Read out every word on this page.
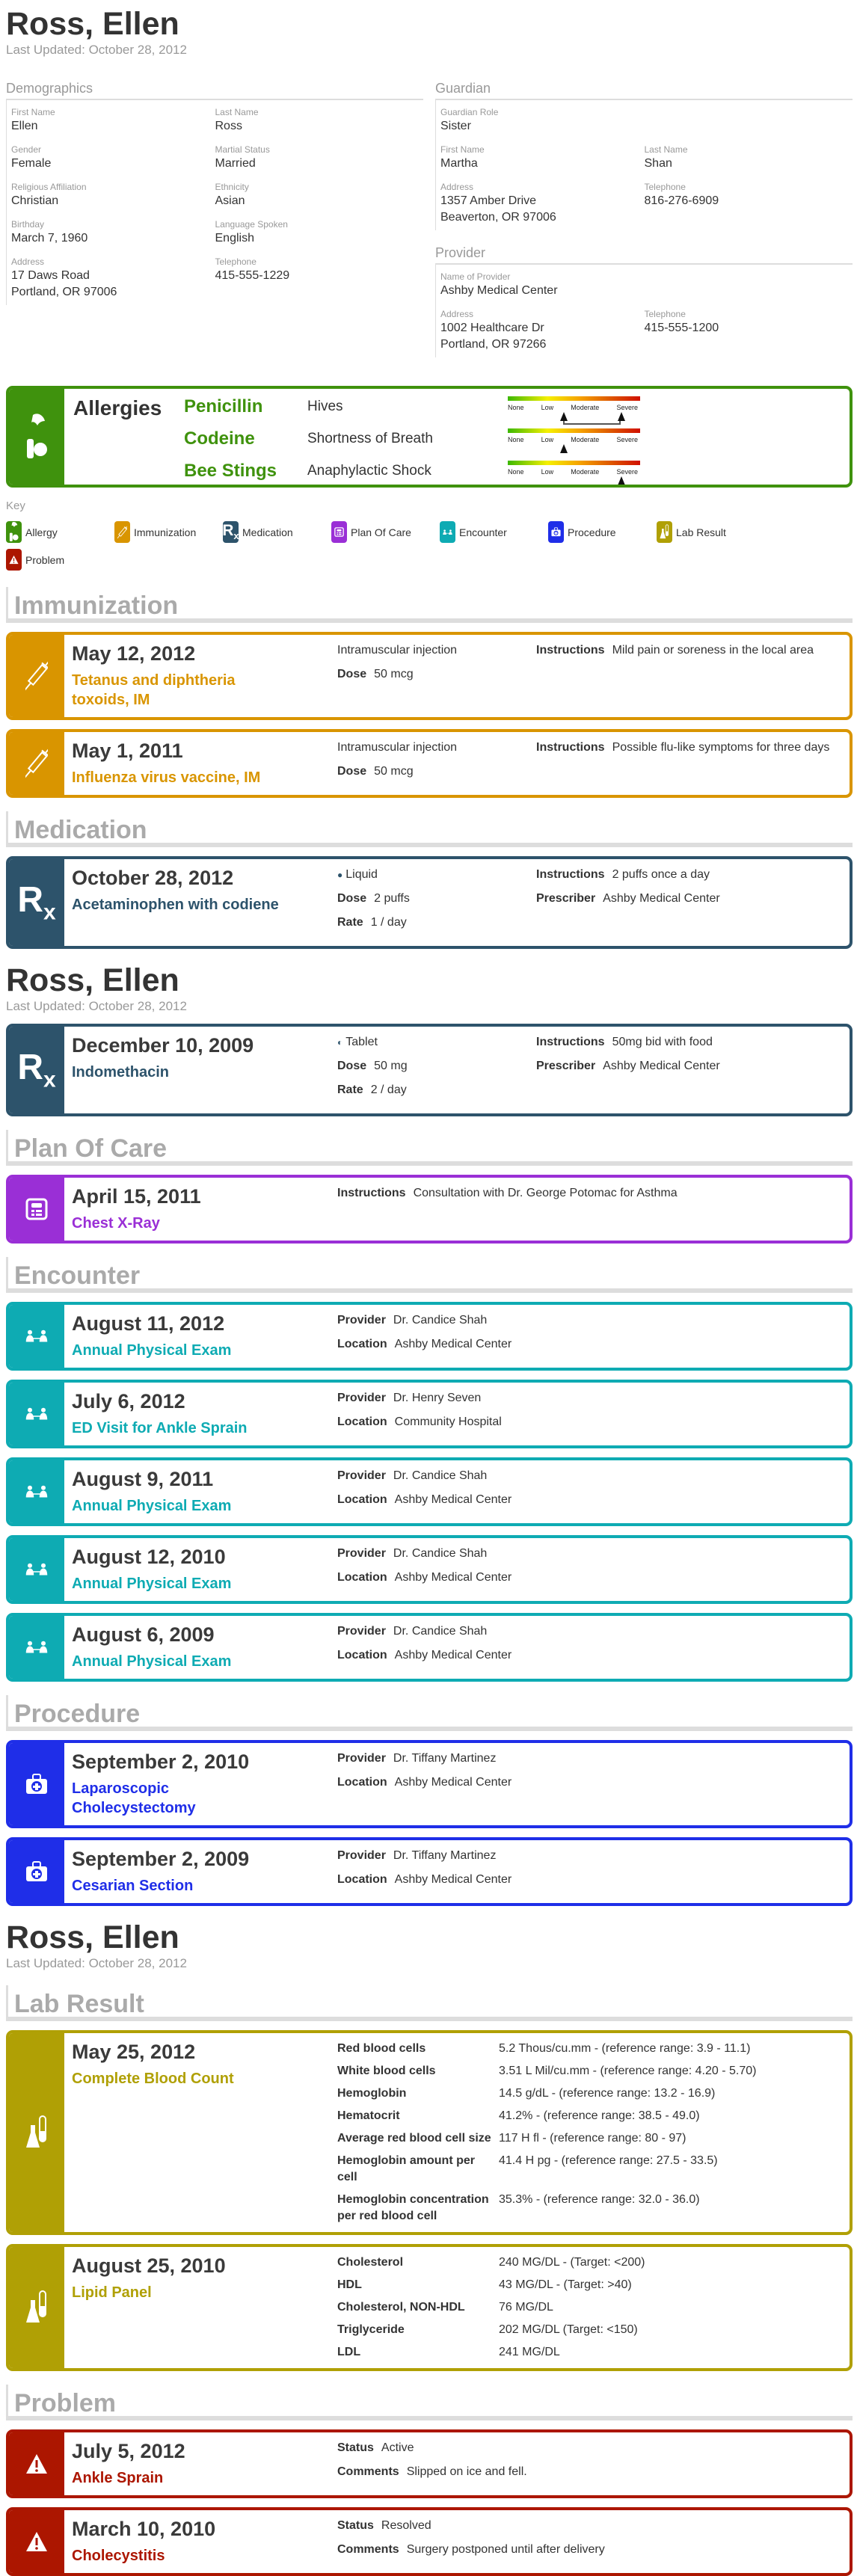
Ross, Ellen
Last Updated: October 28, 2012
Demographics
First Name
Ellen
Last Name
Ross
Gender
Female
Martial Status
Married
Religious Affiliation
Christian
Ethnicity
Asian
Birthday
March 7, 1960
Language Spoken
English
Address
17 Daws Road
Portland, OR 97006
Telephone
415-555-1229
Guardian
Guardian Role
Sister
First Name
Martha
Last Name
Shan
Address
1357 Amber Drive
Beaverton, OR 97006
Telephone
816-276-6909
Provider
Name of Provider
Ashby Medical Center
Address
1002 Healthcare Dr
Portland, OR 97266
Telephone
415-555-1200
Allergies	Penicillin	Hives	None	Low	Moderate	Severe
Codeine	Shortness of Breath	None	Low	Moderate	Severe
Bee Stings	Anaphylactic Shock	None	Low	Moderate	Severe
Key
Allergy	Immunization $R_x$ Medication	Plan Of Care	Encounter	Procedure	Lab Result
Problem
Immunization
May 12, 2012
Tetanus and diphtheria toxoids, IM
Intramuscular injection
Dose 50 mcg
Instructions Mild pain or soreness in the local area
May 1, 2011
Influenza virus vaccine, IM
Intramuscular injection
Dose 50 mcg
Instructions Possible flu-like symptoms for three days
Medication
$R_x$
October 28, 2012
Acetaminophen with codiene
● Liquid
Dose 2 puffs
Rate 1 / day
Instructions 2 puffs once a day
Prescriber Ashby Medical Center
Ross, Ellen
Last Updated: October 28, 2012
$R_x$
December 10, 2009
Indomethacin
◐ Tablet
Dose 50 mg
Rate 2 / day
Instructions 50mg bid with food
Prescriber Ashby Medical Center
Plan Of Care
April 15, 2011
Chest X-Ray
Instructions Consultation with Dr. George Potomac for Asthma
Encounter
August 11, 2012
Annual Physical Exam
Provider Dr. Candice Shah
Location Ashby Medical Center
July 6, 2012
ED Visit for Ankle Sprain
Provider Dr. Henry Seven
Location Community Hospital
August 9, 2011
Annual Physical Exam
Provider Dr. Candice Shah
Location Ashby Medical Center
August 12, 2010
Annual Physical Exam
Provider Dr. Candice Shah
Location Ashby Medical Center
August 6, 2009
Annual Physical Exam
Provider Dr. Candice Shah
Location Ashby Medical Center
Procedure
September 2, 2010
Laparoscopic Cholecystectomy
Provider Dr. Tiffany Martinez
Location Ashby Medical Center
September 2, 2009
Cesarian Section
Provider Dr. Tiffany Martinez
Location Ashby Medical Center
Ross, Ellen
Last Updated: October 28, 2012
Lab Result
May 25, 2012
Complete Blood Count
Red blood cells	5.2 Thous/cu.mm - (reference range: 3.9 - 11.1)
White blood cells	3.51 L Mil/cu.mm - (reference range: 4.20 - 5.70)
Hemoglobin	14.5 g/dL - (reference range: 13.2 - 16.9)
Hematocrit	41.2% - (reference range: 38.5 - 49.0)
Average red blood cell size 117 H fl - (reference range: 80 - 97)
Hemoglobin amount per cell
41.4 H pg - (reference range: 27.5 - 33.5)
Hemoglobin concentration per red blood cell
35.3% - (reference range: 32.0 - 36.0)
August 25, 2010
Lipid Panel
Cholesterol	240 MG/DL - (Target: <200)
HDL	43 MG/DL - (Target: >40)
Cholesterol, NON-HDL	76 MG/DL
Triglyceride	202 MG/DL (Target: <150)
LDL	241 MG/DL
Problem
July 5, 2012
Ankle Sprain
Status Active
Comments Slipped on ice and fell.
March 10, 2010
Cholecystitis
Status Resolved
Comments Surgery postponed until after delivery
